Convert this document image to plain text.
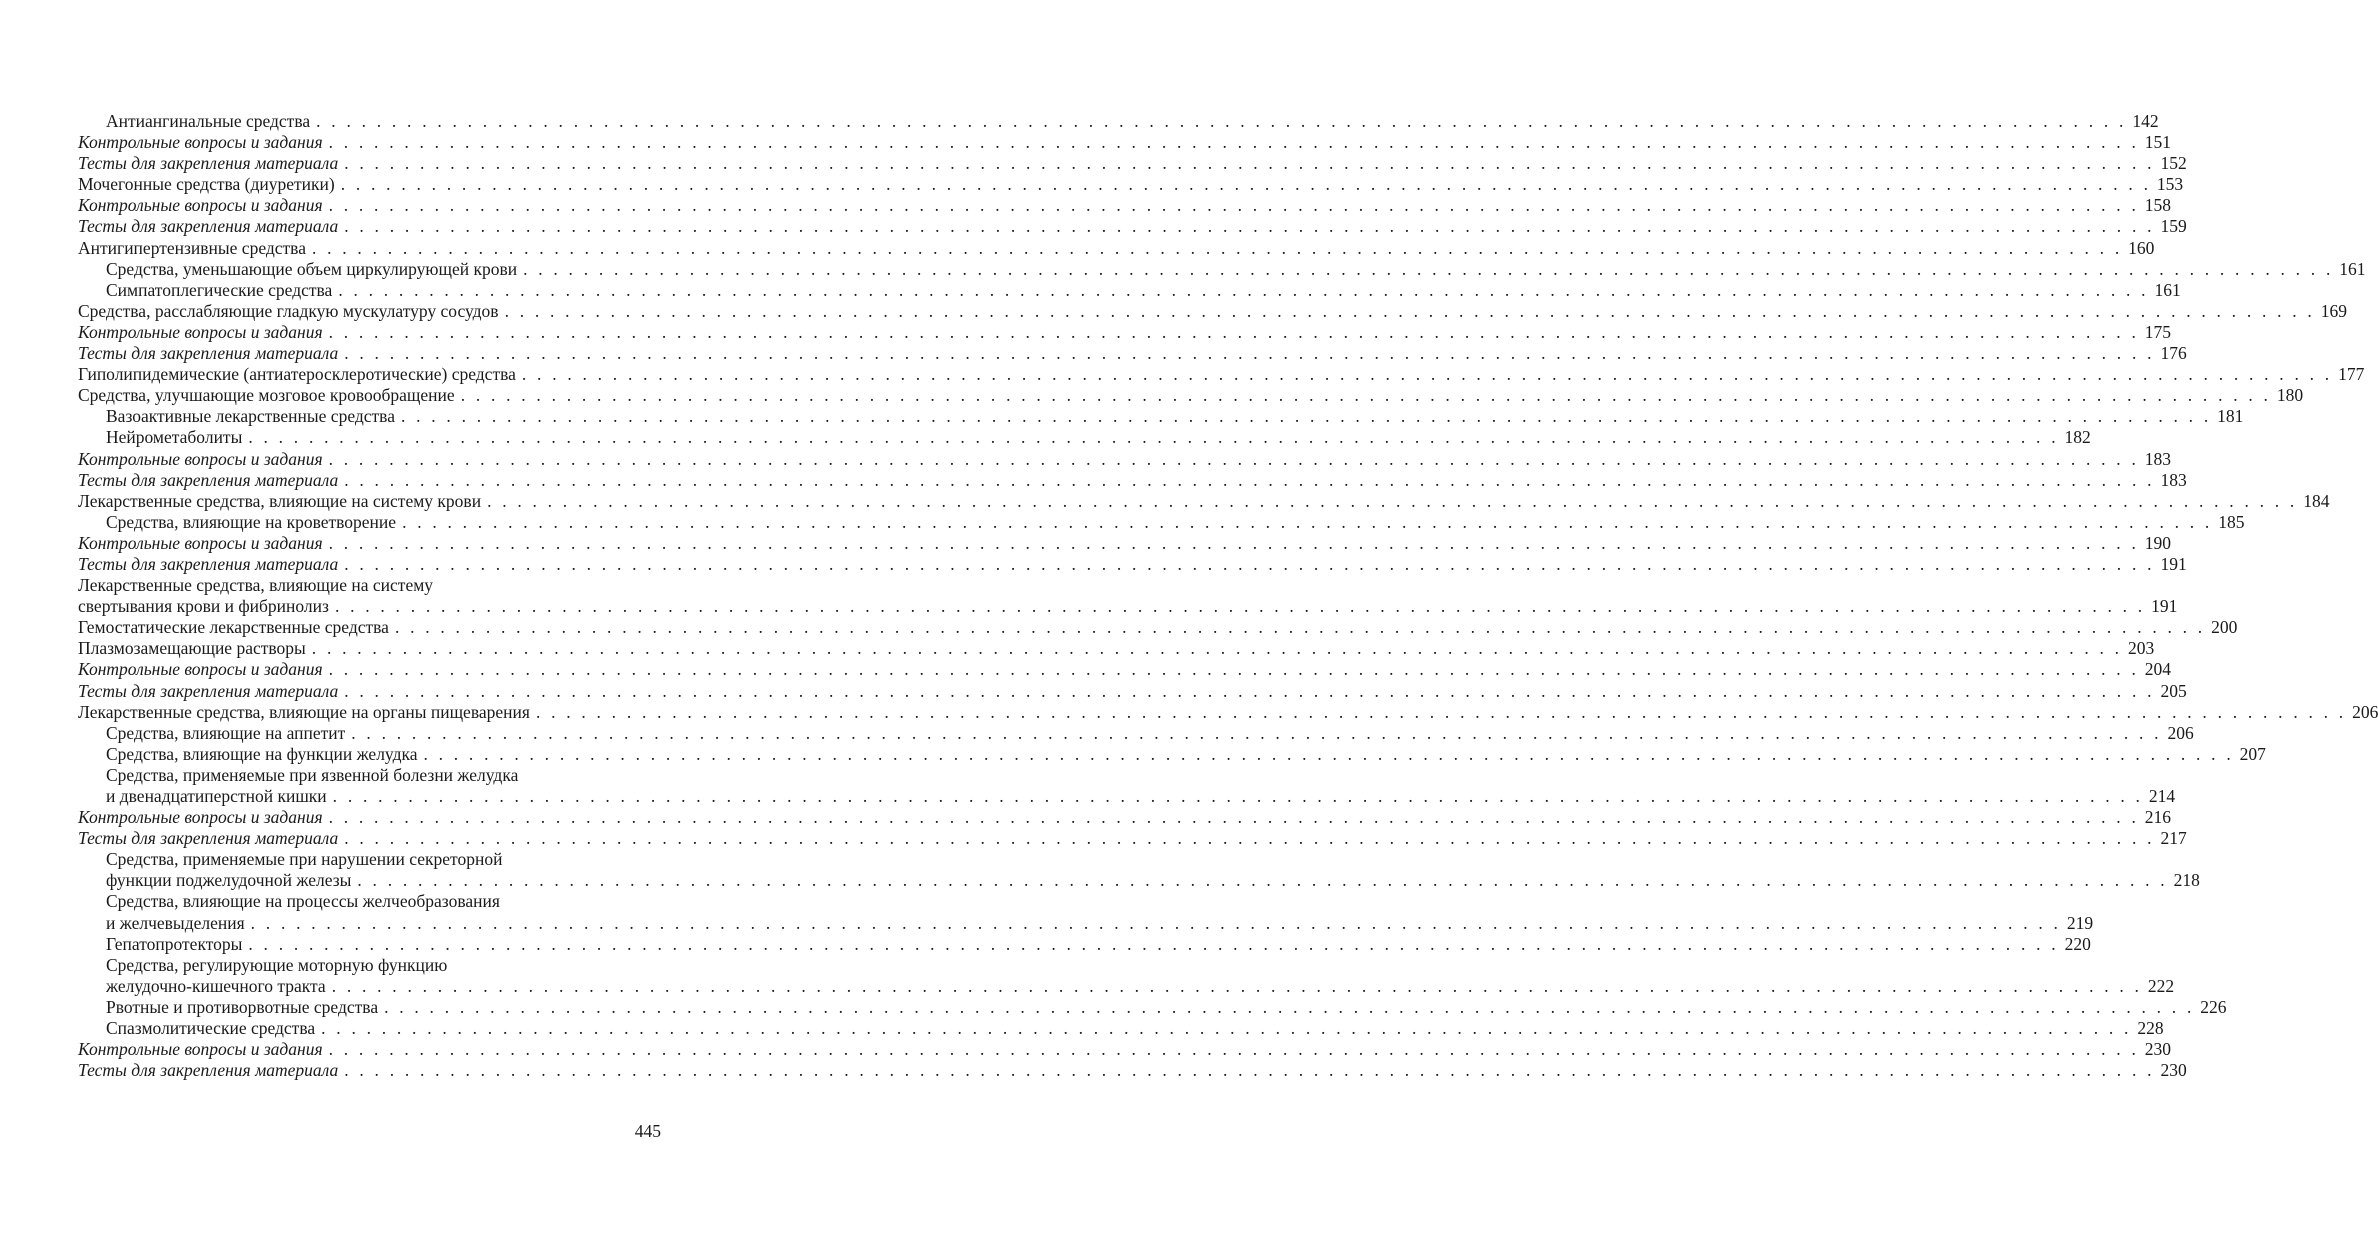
Антиангинальные средства . . . . . . . . . . . . . . . . . . . . . . . . . . . . . . . . . . . . . . . . . . . . . . . . . . . . . . . . . . . . . . . . . . . . . . . . . . . . . . . . . . . . . . . . . . . . . . . . . . . . . . . . . . . . . . . . . . . . . . . . 142
Контрольные вопросы и задания . . . . . . . . . . . . . . . . . . . . . . . . . . . . . . . . . . . . . . . . . . . . . . . . . . . . . . . . . . . . . . . . . . . . . . . . . . . . . . . . . . . . . . . . . . . . . . . . . . . . . . . . . . . . . . . . . . . . . . . . 151
Тесты для закрепления материала . . . . . . . . . . . . . . . . . . . . . . . . . . . . . . . . . . . . . . . . . . . . . . . . . . . . . . . . . . . . . . . . . . . . . . . . . . . . . . . . . . . . . . . . . . . . . . . . . . . . . . . . . . . . . . . . . . . . . . . . 152
Мочегонные средства (диуретики) . . . . . . . . . . . . . . . . . . . . . . . . . . . . . . . . . . . . . . . . . . . . . . . . . . . . . . . . . . . . . . . . . . . . . . . . . . . . . . . . . . . . . . . . . . . . . . . . . . . . . . . . . . . . . . . . . . . . . . . . 153
Контрольные вопросы и задания . . . . . . . . . . . . . . . . . . . . . . . . . . . . . . . . . . . . . . . . . . . . . . . . . . . . . . . . . . . . . . . . . . . . . . . . . . . . . . . . . . . . . . . . . . . . . . . . . . . . . . . . . . . . . . . . . . . . . . . . 158
Тесты для закрепления материала . . . . . . . . . . . . . . . . . . . . . . . . . . . . . . . . . . . . . . . . . . . . . . . . . . . . . . . . . . . . . . . . . . . . . . . . . . . . . . . . . . . . . . . . . . . . . . . . . . . . . . . . . . . . . . . . . . . . . . . . 159
Антигипертензивные средства . . . . . . . . . . . . . . . . . . . . . . . . . . . . . . . . . . . . . . . . . . . . . . . . . . . . . . . . . . . . . . . . . . . . . . . . . . . . . . . . . . . . . . . . . . . . . . . . . . . . . . . . . . . . . . . . . . . . . . . . 160
Средства, уменьшающие объем циркулирующей крови . . . . . . . . . . . . . . . . . . . . . . . . . . . . . . . . . . . . . . . . . . . . . . . . . . . . . . . . . . . . . . . . . . . . . . . . . . . . . . . . . . . . . . . . . . . . . . . . . . . . . . . . . . . . . . . . . . . . . . . . 161
Симпатоплегические средства . . . . . . . . . . . . . . . . . . . . . . . . . . . . . . . . . . . . . . . . . . . . . . . . . . . . . . . . . . . . . . . . . . . . . . . . . . . . . . . . . . . . . . . . . . . . . . . . . . . . . . . . . . . . . . . . . . . . . . . . 161
Средства, расслабляющие гладкую мускулатуру сосудов . . . . . . . . . . . . . . . . . . . . . . . . . . . . . . . . . . . . . . . . . . . . . . . . . . . . . . . . . . . . . . . . . . . . . . . . . . . . . . . . . . . . . . . . . . . . . . . . . . . . . . . . . . . . . . . . . . . . . . . . 169
Контрольные вопросы и задания . . . . . . . . . . . . . . . . . . . . . . . . . . . . . . . . . . . . . . . . . . . . . . . . . . . . . . . . . . . . . . . . . . . . . . . . . . . . . . . . . . . . . . . . . . . . . . . . . . . . . . . . . . . . . . . . . . . . . . . . 175
Тесты для закрепления материала . . . . . . . . . . . . . . . . . . . . . . . . . . . . . . . . . . . . . . . . . . . . . . . . . . . . . . . . . . . . . . . . . . . . . . . . . . . . . . . . . . . . . . . . . . . . . . . . . . . . . . . . . . . . . . . . . . . . . . . . 176
Гиполипидемические (антиатеросклеротические) средства . . . . . . . . . . . . . . . . . . . . . . . . . . . . . . . . . . . . . . . . . . . . . . . . . . . . . . . . . . . . . . . . . . . . . . . . . . . . . . . . . . . . . . . . . . . . . . . . . . . . . . . . . . . . . . . . . . . . . . . . 177
Средства, улучшающие мозговое кровообращение . . . . . . . . . . . . . . . . . . . . . . . . . . . . . . . . . . . . . . . . . . . . . . . . . . . . . . . . . . . . . . . . . . . . . . . . . . . . . . . . . . . . . . . . . . . . . . . . . . . . . . . . . . . . . . . . . . . . . . . . 180
Вазоактивные лекарственные средства . . . . . . . . . . . . . . . . . . . . . . . . . . . . . . . . . . . . . . . . . . . . . . . . . . . . . . . . . . . . . . . . . . . . . . . . . . . . . . . . . . . . . . . . . . . . . . . . . . . . . . . . . . . . . . . . . . . . . . . . 181
Нейрометаболиты . . . . . . . . . . . . . . . . . . . . . . . . . . . . . . . . . . . . . . . . . . . . . . . . . . . . . . . . . . . . . . . . . . . . . . . . . . . . . . . . . . . . . . . . . . . . . . . . . . . . . . . . . . . . . . . . . . . . . . . . 182
Контрольные вопросы и задания . . . . . . . . . . . . . . . . . . . . . . . . . . . . . . . . . . . . . . . . . . . . . . . . . . . . . . . . . . . . . . . . . . . . . . . . . . . . . . . . . . . . . . . . . . . . . . . . . . . . . . . . . . . . . . . . . . . . . . . . 183
Тесты для закрепления материала . . . . . . . . . . . . . . . . . . . . . . . . . . . . . . . . . . . . . . . . . . . . . . . . . . . . . . . . . . . . . . . . . . . . . . . . . . . . . . . . . . . . . . . . . . . . . . . . . . . . . . . . . . . . . . . . . . . . . . . . 183
Лекарственные средства, влияющие на систему крови . . . . . . . . . . . . . . . . . . . . . . . . . . . . . . . . . . . . . . . . . . . . . . . . . . . . . . . . . . . . . . . . . . . . . . . . . . . . . . . . . . . . . . . . . . . . . . . . . . . . . . . . . . . . . . . . . . . . . . . . 184
Средства, влияющие на кроветворение . . . . . . . . . . . . . . . . . . . . . . . . . . . . . . . . . . . . . . . . . . . . . . . . . . . . . . . . . . . . . . . . . . . . . . . . . . . . . . . . . . . . . . . . . . . . . . . . . . . . . . . . . . . . . . . . . . . . . . . . 185
Контрольные вопросы и задания . . . . . . . . . . . . . . . . . . . . . . . . . . . . . . . . . . . . . . . . . . . . . . . . . . . . . . . . . . . . . . . . . . . . . . . . . . . . . . . . . . . . . . . . . . . . . . . . . . . . . . . . . . . . . . . . . . . . . . . . 190
Тесты для закрепления материала . . . . . . . . . . . . . . . . . . . . . . . . . . . . . . . . . . . . . . . . . . . . . . . . . . . . . . . . . . . . . . . . . . . . . . . . . . . . . . . . . . . . . . . . . . . . . . . . . . . . . . . . . . . . . . . . . . . . . . . . 191
Лекарственные средства, влияющие на систему
свертывания крови и фибринолиз . . . . . . . . . . . . . . . . . . . . . . . . . . . . . . . . . . . . . . . . . . . . . . . . . . . . . . . . . . . . . . . . . . . . . . . . . . . . . . . . . . . . . . . . . . . . . . . . . . . . . . . . . . . . . . . . . . . . . . . . 191
Гемостатические лекарственные средства . . . . . . . . . . . . . . . . . . . . . . . . . . . . . . . . . . . . . . . . . . . . . . . . . . . . . . . . . . . . . . . . . . . . . . . . . . . . . . . . . . . . . . . . . . . . . . . . . . . . . . . . . . . . . . . . . . . . . . . . 200
Плазмозамещающие растворы . . . . . . . . . . . . . . . . . . . . . . . . . . . . . . . . . . . . . . . . . . . . . . . . . . . . . . . . . . . . . . . . . . . . . . . . . . . . . . . . . . . . . . . . . . . . . . . . . . . . . . . . . . . . . . . . . . . . . . . . 203
Контрольные вопросы и задания . . . . . . . . . . . . . . . . . . . . . . . . . . . . . . . . . . . . . . . . . . . . . . . . . . . . . . . . . . . . . . . . . . . . . . . . . . . . . . . . . . . . . . . . . . . . . . . . . . . . . . . . . . . . . . . . . . . . . . . . 204
Тесты для закрепления материала . . . . . . . . . . . . . . . . . . . . . . . . . . . . . . . . . . . . . . . . . . . . . . . . . . . . . . . . . . . . . . . . . . . . . . . . . . . . . . . . . . . . . . . . . . . . . . . . . . . . . . . . . . . . . . . . . . . . . . . . 205
Лекарственные средства, влияющие на органы пищеварения . . . . . . . . . . . . . . . . . . . . . . . . . . . . . . . . . . . . . . . . . . . . . . . . . . . . . . . . . . . . . . . . . . . . . . . . . . . . . . . . . . . . . . . . . . . . . . . . . . . . . . . . . . . . . . . . . . . . . . . . 206
Средства, влияющие на аппетит . . . . . . . . . . . . . . . . . . . . . . . . . . . . . . . . . . . . . . . . . . . . . . . . . . . . . . . . . . . . . . . . . . . . . . . . . . . . . . . . . . . . . . . . . . . . . . . . . . . . . . . . . . . . . . . . . . . . . . . . 206
Средства, влияющие на функции желудка . . . . . . . . . . . . . . . . . . . . . . . . . . . . . . . . . . . . . . . . . . . . . . . . . . . . . . . . . . . . . . . . . . . . . . . . . . . . . . . . . . . . . . . . . . . . . . . . . . . . . . . . . . . . . . . . . . . . . . . . 207
Средства, применяемые при язвенной болезни желудка
и двенадцатиперстной кишки . . . . . . . . . . . . . . . . . . . . . . . . . . . . . . . . . . . . . . . . . . . . . . . . . . . . . . . . . . . . . . . . . . . . . . . . . . . . . . . . . . . . . . . . . . . . . . . . . . . . . . . . . . . . . . . . . . . . . . . . 214
Контрольные вопросы и задания . . . . . . . . . . . . . . . . . . . . . . . . . . . . . . . . . . . . . . . . . . . . . . . . . . . . . . . . . . . . . . . . . . . . . . . . . . . . . . . . . . . . . . . . . . . . . . . . . . . . . . . . . . . . . . . . . . . . . . . . 216
Тесты для закрепления материала . . . . . . . . . . . . . . . . . . . . . . . . . . . . . . . . . . . . . . . . . . . . . . . . . . . . . . . . . . . . . . . . . . . . . . . . . . . . . . . . . . . . . . . . . . . . . . . . . . . . . . . . . . . . . . . . . . . . . . . . 217
Средства, применяемые при нарушении секреторной
функции поджелудочной железы . . . . . . . . . . . . . . . . . . . . . . . . . . . . . . . . . . . . . . . . . . . . . . . . . . . . . . . . . . . . . . . . . . . . . . . . . . . . . . . . . . . . . . . . . . . . . . . . . . . . . . . . . . . . . . . . . . . . . . . . 218
Средства, влияющие на процессы желчеобразования
и желчевыделения . . . . . . . . . . . . . . . . . . . . . . . . . . . . . . . . . . . . . . . . . . . . . . . . . . . . . . . . . . . . . . . . . . . . . . . . . . . . . . . . . . . . . . . . . . . . . . . . . . . . . . . . . . . . . . . . . . . . . . . . 219
Гепатопротекторы . . . . . . . . . . . . . . . . . . . . . . . . . . . . . . . . . . . . . . . . . . . . . . . . . . . . . . . . . . . . . . . . . . . . . . . . . . . . . . . . . . . . . . . . . . . . . . . . . . . . . . . . . . . . . . . . . . . . . . . . 220
Средства, регулирующие моторную функцию
желудочно-кишечного тракта . . . . . . . . . . . . . . . . . . . . . . . . . . . . . . . . . . . . . . . . . . . . . . . . . . . . . . . . . . . . . . . . . . . . . . . . . . . . . . . . . . . . . . . . . . . . . . . . . . . . . . . . . . . . . . . . . . . . . . . . 222
Рвотные и противорвотные средства . . . . . . . . . . . . . . . . . . . . . . . . . . . . . . . . . . . . . . . . . . . . . . . . . . . . . . . . . . . . . . . . . . . . . . . . . . . . . . . . . . . . . . . . . . . . . . . . . . . . . . . . . . . . . . . . . . . . . . . . 226
Спазмолитические средства . . . . . . . . . . . . . . . . . . . . . . . . . . . . . . . . . . . . . . . . . . . . . . . . . . . . . . . . . . . . . . . . . . . . . . . . . . . . . . . . . . . . . . . . . . . . . . . . . . . . . . . . . . . . . . . . . . . . . . . . 228
Контрольные вопросы и задания . . . . . . . . . . . . . . . . . . . . . . . . . . . . . . . . . . . . . . . . . . . . . . . . . . . . . . . . . . . . . . . . . . . . . . . . . . . . . . . . . . . . . . . . . . . . . . . . . . . . . . . . . . . . . . . . . . . . . . . . 230
Тесты для закрепления материала . . . . . . . . . . . . . . . . . . . . . . . . . . . . . . . . . . . . . . . . . . . . . . . . . . . . . . . . . . . . . . . . . . . . . . . . . . . . . . . . . . . . . . . . . . . . . . . . . . . . . . . . . . . . . . . . . . . . . . . . 230
445
